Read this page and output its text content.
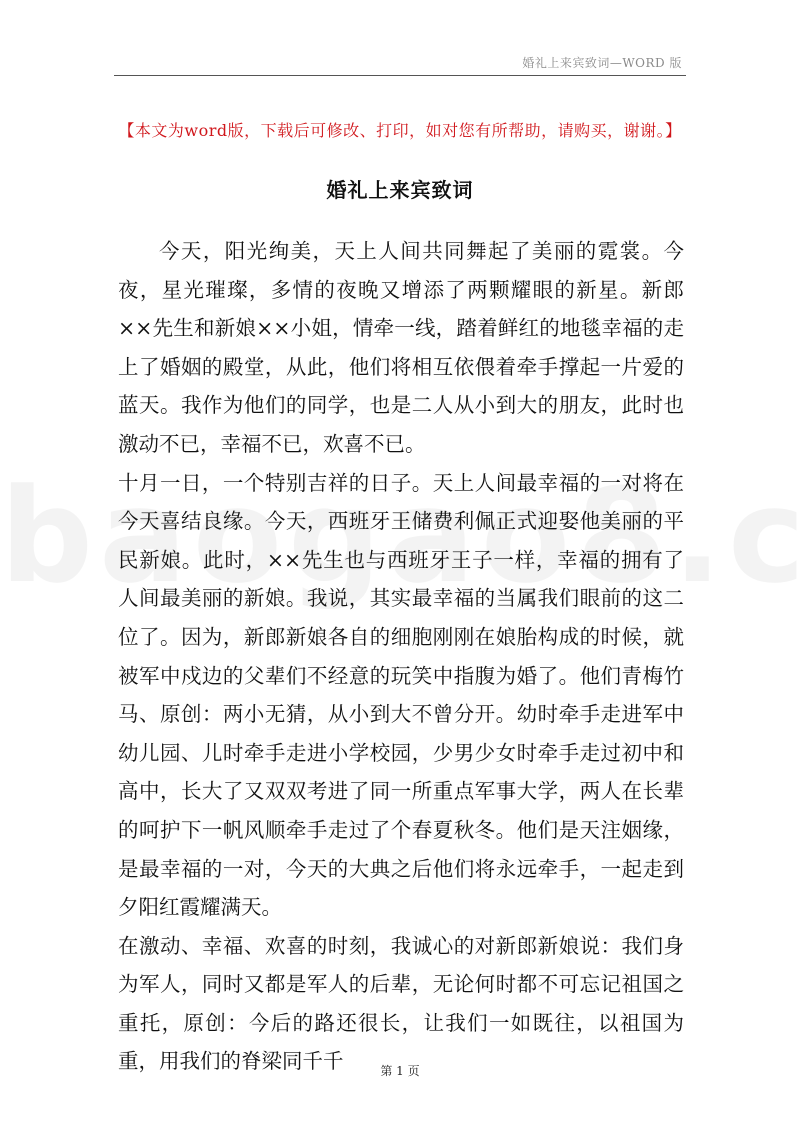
婚礼上来宾致词—WORD 版
【本文为word版，下载后可修改、打印，如对您有所帮助，请购买，谢谢。】
婚礼上来宾致词

今天，阳光绚美，天上人间共同舞起了美丽的霓裳。今夜，星光璀璨，多情的夜晚又增添了两颗耀眼的新星。新郎××先生和新娘××小姐，情牵一线，踏着鲜红的地毯幸福的走上了婚姻的殿堂，从此，他们将相互依偎着牵手撑起一片爱的蓝天。我作为他们的同学，也是二人从小到大的朋友，此时也激动不已，幸福不已，欢喜不已。

十月一日，一个特别吉祥的日子。天上人间最幸福的一对将在今天喜结良缘。今天，西班牙王储费利佩正式迎娶他美丽的平民新娘。此时，××先生也与西班牙王子一样，幸福的拥有了人间最美丽的新娘。我说，其实最幸福的当属我们眼前的这二位了。因为，新郎新娘各自的细胞刚刚在娘胎构成的时候，就被军中戍边的父辈们不经意的玩笑中指腹为婚了。他们青梅竹马、原创：两小无猜，从小到大不曾分开。幼时牵手走进军中幼儿园、儿时牵手走进小学校园，少男少女时牵手走过初中和高中，长大了又双双考进了同一所重点军事大学，两人在长辈的呵护下一帆风顺牵手走过了个春夏秋冬。他们是天注姻缘，是最幸福的一对，今天的大典之后他们将永远牵手，一起走到夕阳红霞耀满天。

在激动、幸福、欢喜的时刻，我诚心的对新郎新娘说：我们身为军人，同时又都是军人的后辈，无论何时都不可忘记祖国之重托，原创：今后的路还很长，让我们一如既往，以祖国为重，用我们的脊梁同千千	第 1 页
